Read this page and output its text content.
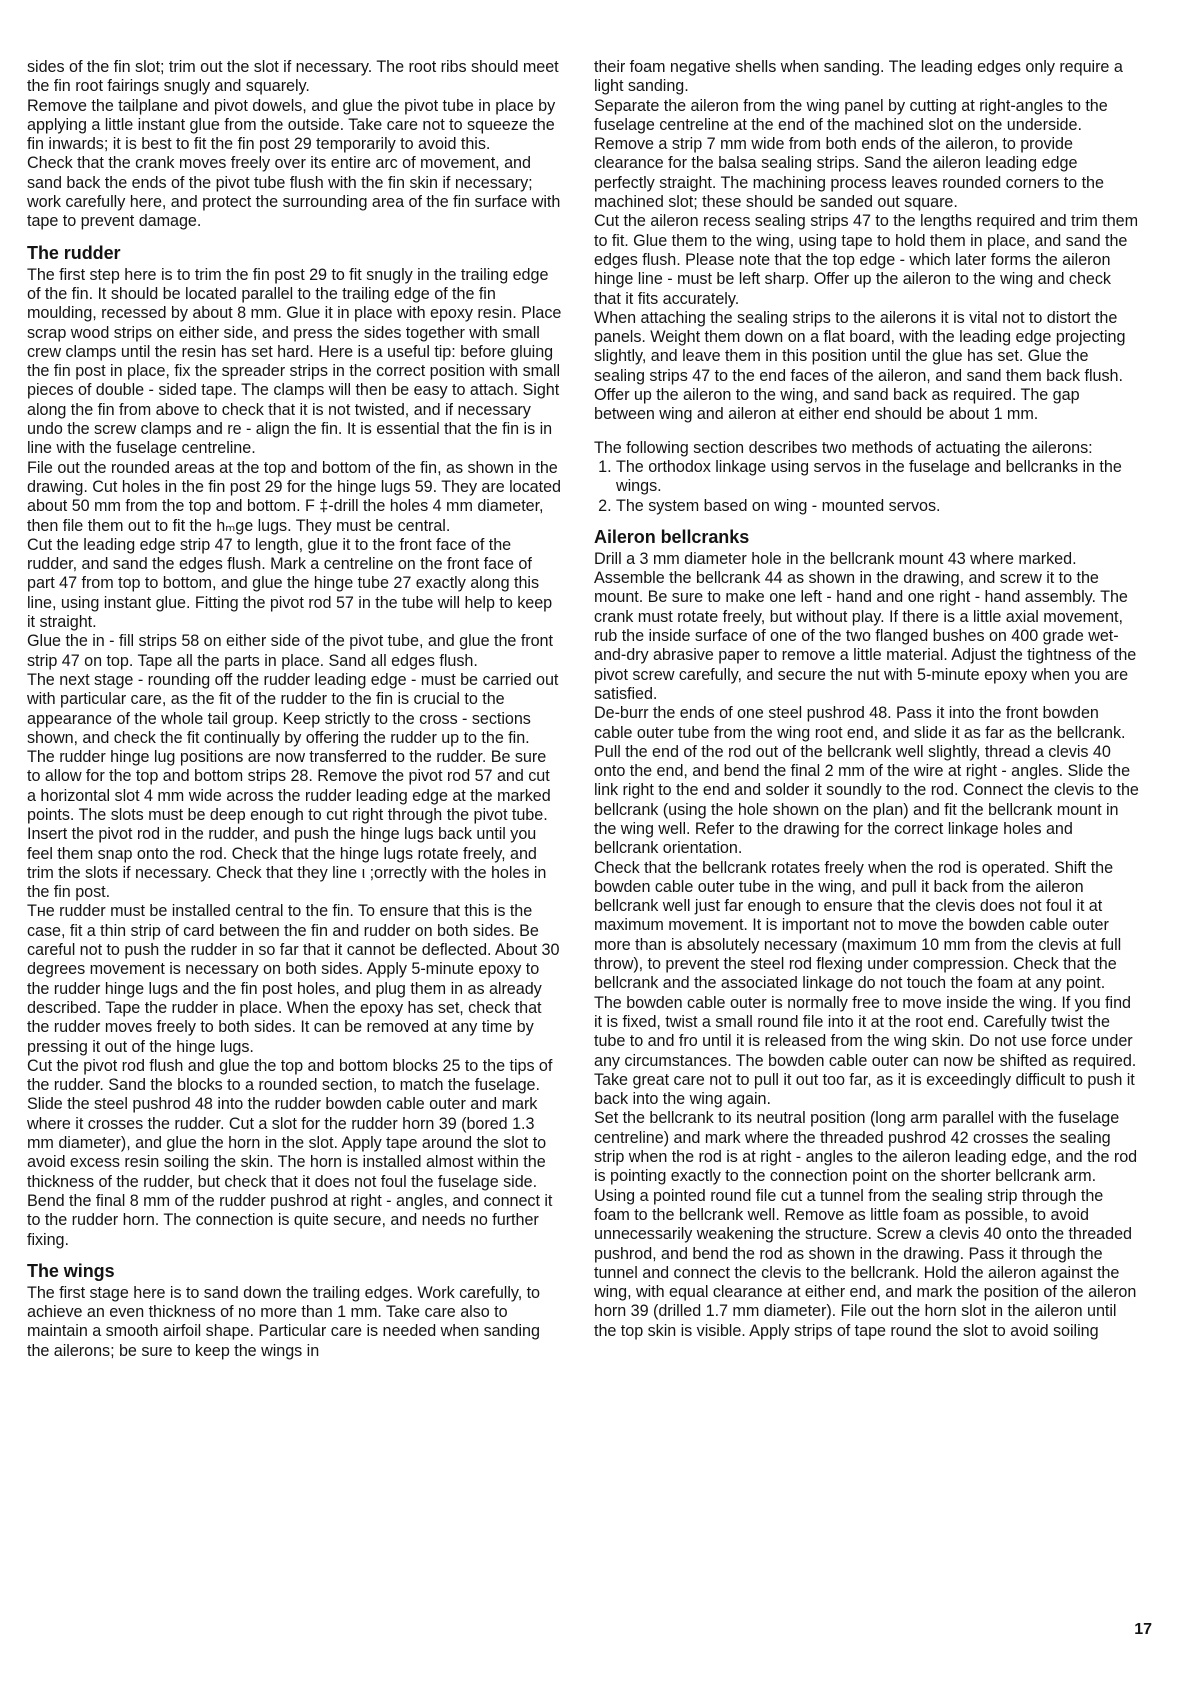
sides of the fin slot; trim out the slot if necessary. The root ribs should meet the fin root fairings snugly and squarely.

Remove the tailplane and pivot dowels, and glue the pivot tube in place by applying a little instant glue from the outside. Take care not to squeeze the fin inwards; it is best to fit the fin post 29 temporarily to avoid this.

Check that the crank moves freely over its entire arc of movement, and sand back the ends of the pivot tube flush with the fin skin if necessary; work carefully here, and protect the surrounding area of the fin surface with tape to prevent damage.

The rudder

The first step here is to trim the fin post 29 to fit snugly in the trailing edge of the fin. It should be located parallel to the trailing edge of the fin moulding, recessed by about 8 mm. Glue it in place with epoxy resin. Place scrap wood strips on either side, and press the sides together with small crew clamps until the resin has set hard. Here is a useful tip: before gluing the fin post in place, fix the spreader strips in the correct position with small pieces of double - sided tape. The clamps will then be easy to attach. Sight along the fin from above to check that it is not twisted, and if necessary undo the screw clamps and re - align the fin. It is essential that the fin is in line with the fuselage centreline.

File out the rounded areas at the top and bottom of the fin, as shown in the drawing. Cut holes in the fin post 29 for the hinge lugs 59. They are located about 50 mm from the top and bottom. F ‡-drill the holes 4 mm diameter, then file them out to fit the hₘge lugs. They must be central.

Cut the leading edge strip 47 to length, glue it to the front face of the rudder, and sand the edges flush. Mark a centreline on the front face of part 47 from top to bottom, and glue the hinge tube 27 exactly along this line, using instant glue. Fitting the pivot rod 57 in the tube will help to keep it straight.

Glue the in - fill strips 58 on either side of the pivot tube, and glue the front strip 47 on top. Tape all the parts in place. Sand all edges flush.

The next stage - rounding off the rudder leading edge - must be carried out with particular care, as the fit of the rudder to the fin is crucial to the appearance of the whole tail group. Keep strictly to the cross - sections shown, and check the fit continually by offering the rudder up to the fin.

The rudder hinge lug positions are now transferred to the rudder. Be sure to allow for the top and bottom strips 28. Remove the pivot rod 57 and cut a horizontal slot 4 mm wide across the rudder leading edge at the marked points. The slots must be deep enough to cut right through the pivot tube.

Insert the pivot rod in the rudder, and push the hinge lugs back until you feel them snap onto the rod. Check that the hinge lugs rotate freely, and trim the slots if necessary. Check that they line ι ;orrectly with the holes in the fin post.

Tʜe rudder must be installed central to the fin. To ensure that this is the case, fit a thin strip of card between the fin and rudder on both sides. Be careful not to push the rudder in so far that it cannot be deflected. About 30 degrees movement is necessary on both sides. Apply 5-minute epoxy to the rudder hinge lugs and the fin post holes, and plug them in as already described. Tape the rudder in place. When the epoxy has set, check that the rudder moves freely to both sides. It can be removed at any time by pressing it out of the hinge lugs.

Cut the pivot rod flush and glue the top and bottom blocks 25 to the tips of the rudder. Sand the blocks to a rounded section, to match the fuselage.

Slide the steel pushrod 48 into the rudder bowden cable outer and mark where it crosses the rudder. Cut a slot for the rudder horn 39 (bored 1.3 mm diameter), and glue the horn in the slot. Apply tape around the slot to avoid excess resin soiling the skin. The horn is installed almost within the thickness of the rudder, but check that it does not foul the fuselage side. Bend the final 8 mm of the rudder pushrod at right - angles, and connect it to the rudder horn. The connection is quite secure, and needs no further fixing.

The wings

The first stage here is to sand down the trailing edges. Work carefully, to achieve an even thickness of no more than 1 mm. Take care also to maintain a smooth airfoil shape. Particular care is needed when sanding the ailerons; be sure to keep the wings in

their foam negative shells when sanding. The leading edges only require a light sanding.

Separate the aileron from the wing panel by cutting at right-angles to the fuselage centreline at the end of the machined slot on the underside. Remove a strip 7 mm wide from both ends of the aileron, to provide clearance for the balsa sealing strips. Sand the aileron leading edge perfectly straight. The machining process leaves rounded corners to the machined slot; these should be sanded out square.

Cut the aileron recess sealing strips 47 to the lengths required and trim them to fit. Glue them to the wing, using tape to hold them in place, and sand the edges flush. Please note that the top edge - which later forms the aileron hinge line - must be left sharp. Offer up the aileron to the wing and check that it fits accurately.

When attaching the sealing strips to the ailerons it is vital not to distort the panels. Weight them down on a flat board, with the leading edge projecting slightly, and leave them in this position until the glue has set. Glue the sealing strips 47 to the end faces of the aileron, and sand them back flush. Offer up the aileron to the wing, and sand back as required. The gap between wing and aileron at either end should be about 1 mm.

The following section describes two methods of actuating the ailerons:

1. The orthodox linkage using servos in the fuselage and bellcranks in the wings.
2. The system based on wing - mounted servos.
Aileron bellcranks

Drill a 3 mm diameter hole in the bellcrank mount 43 where marked. Assemble the bellcrank 44 as shown in the drawing, and screw it to the mount. Be sure to make one left - hand and one right - hand assembly. The crank must rotate freely, but without play. If there is a little axial movement, rub the inside surface of one of the two flanged bushes on 400 grade wet-and-dry abrasive paper to remove a little material. Adjust the tightness of the pivot screw carefully, and secure the nut with 5-minute epoxy when you are satisfied.

De-burr the ends of one steel pushrod 48. Pass it into the front bowden cable outer tube from the wing root end, and slide it as far as the bellcrank. Pull the end of the rod out of the bellcrank well slightly, thread a clevis 40 onto the end, and bend the final 2 mm of the wire at right - angles. Slide the link right to the end and solder it soundly to the rod. Connect the clevis to the bellcrank (using the hole shown on the plan) and fit the bellcrank mount in the wing well. Refer to the drawing for the correct linkage holes and bellcrank orientation.

Check that the bellcrank rotates freely when the rod is operated. Shift the bowden cable outer tube in the wing, and pull it back from the aileron bellcrank well just far enough to ensure that the clevis does not foul it at maximum movement. It is important not to move the bowden cable outer more than is absolutely necessary (maximum 10 mm from the clevis at full throw), to prevent the steel rod flexing under compression. Check that the bellcrank and the associated linkage do not touch the foam at any point.

The bowden cable outer is normally free to move inside the wing. If you find it is fixed, twist a small round file into it at the root end. Carefully twist the tube to and fro until it is released from the wing skin. Do not use force under any circumstances. The bowden cable outer can now be shifted as required. Take great care not to pull it out too far, as it is exceedingly difficult to push it back into the wing again.

Set the bellcrank to its neutral position (long arm parallel with the fuselage centreline) and mark where the threaded pushrod 42 crosses the sealing strip when the rod is at right - angles to the aileron leading edge, and the rod is pointing exactly to the connection point on the shorter bellcrank arm. Using a pointed round file cut a tunnel from the sealing strip through the foam to the bellcrank well. Remove as little foam as possible, to avoid unnecessarily weakening the structure. Screw a clevis 40 onto the threaded pushrod, and bend the rod as shown in the drawing. Pass it through the tunnel and connect the clevis to the bellcrank. Hold the aileron against the wing, with equal clearance at either end, and mark the position of the aileron horn 39 (drilled 1.7 mm diameter). File out the horn slot in the aileron until the top skin is visible. Apply strips of tape round the slot to avoid soiling

17
